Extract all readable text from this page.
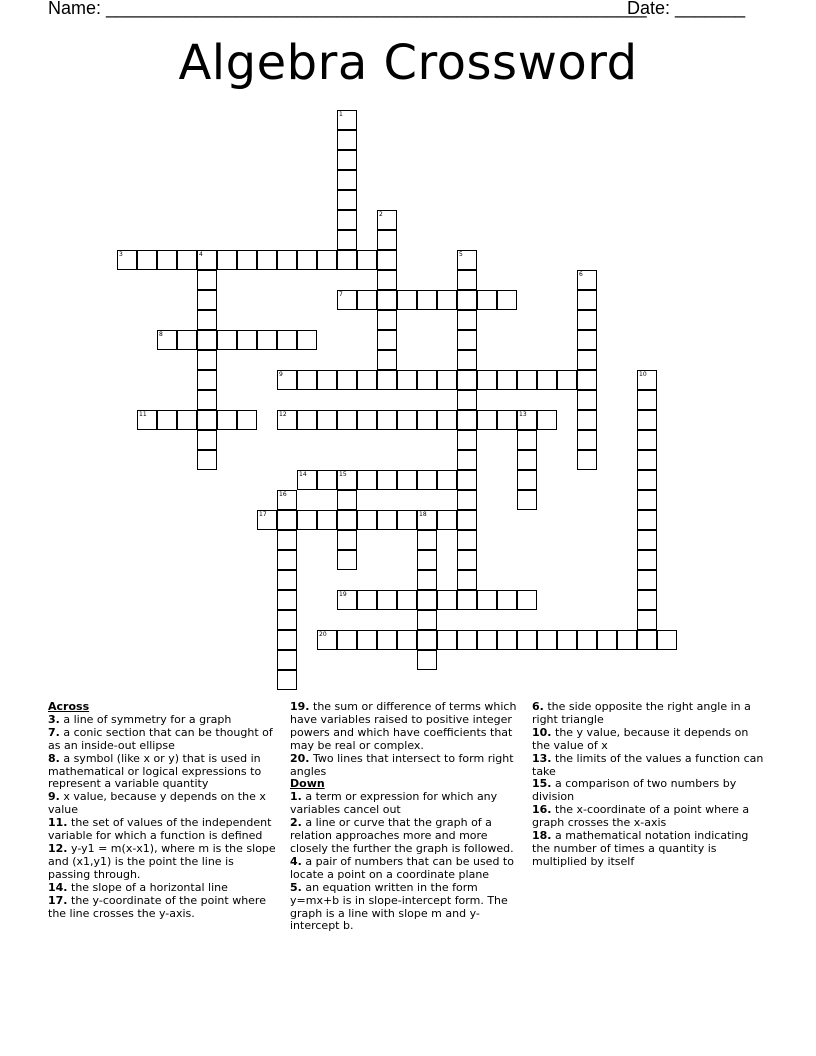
Name: ______________________________________________________
Date: _______
Algebra Crossword
1
2
3	4	5
6
7
8
9	10
11	12	13
14	15
16
17	18
19
20
Across

3. a line of symmetry for a graph

7. a conic section that can be thought of as an inside-out ellipse

8. a symbol (like x or y) that is used in mathematical or logical expressions to represent a variable quantity

9. x value, because y depends on the x value

11. the set of values of the independent variable for which a function is defined

12. y-y1 = m(x-x1), where m is the slope and (x1,y1) is the point the line is passing through.

14. the slope of a horizontal line

17. the y-coordinate of the point where the line crosses the y-axis.

19. the sum or difference of terms which have variables raised to positive integer powers and which have coefficients that may be real or complex.

20. Two lines that intersect to form right angles

Down

1. a term or expression for which any variables cancel out

2. a line or curve that the graph of a relation approaches more and more closely the further the graph is followed.

4. a pair of numbers that can be used to locate a point on a coordinate plane

5. an equation written in the form y=mx+b is in slope-intercept form. The graph is a line with slope m and y-intercept b.

6. the side opposite the right angle in a right triangle

10. the y value, because it depends on the value of x

13. the limits of the values a function can take

15. a comparison of two numbers by division

16. the x-coordinate of a point where a graph crosses the x-axis

18. a mathematical notation indicating the number of times a quantity is multiplied by itself
